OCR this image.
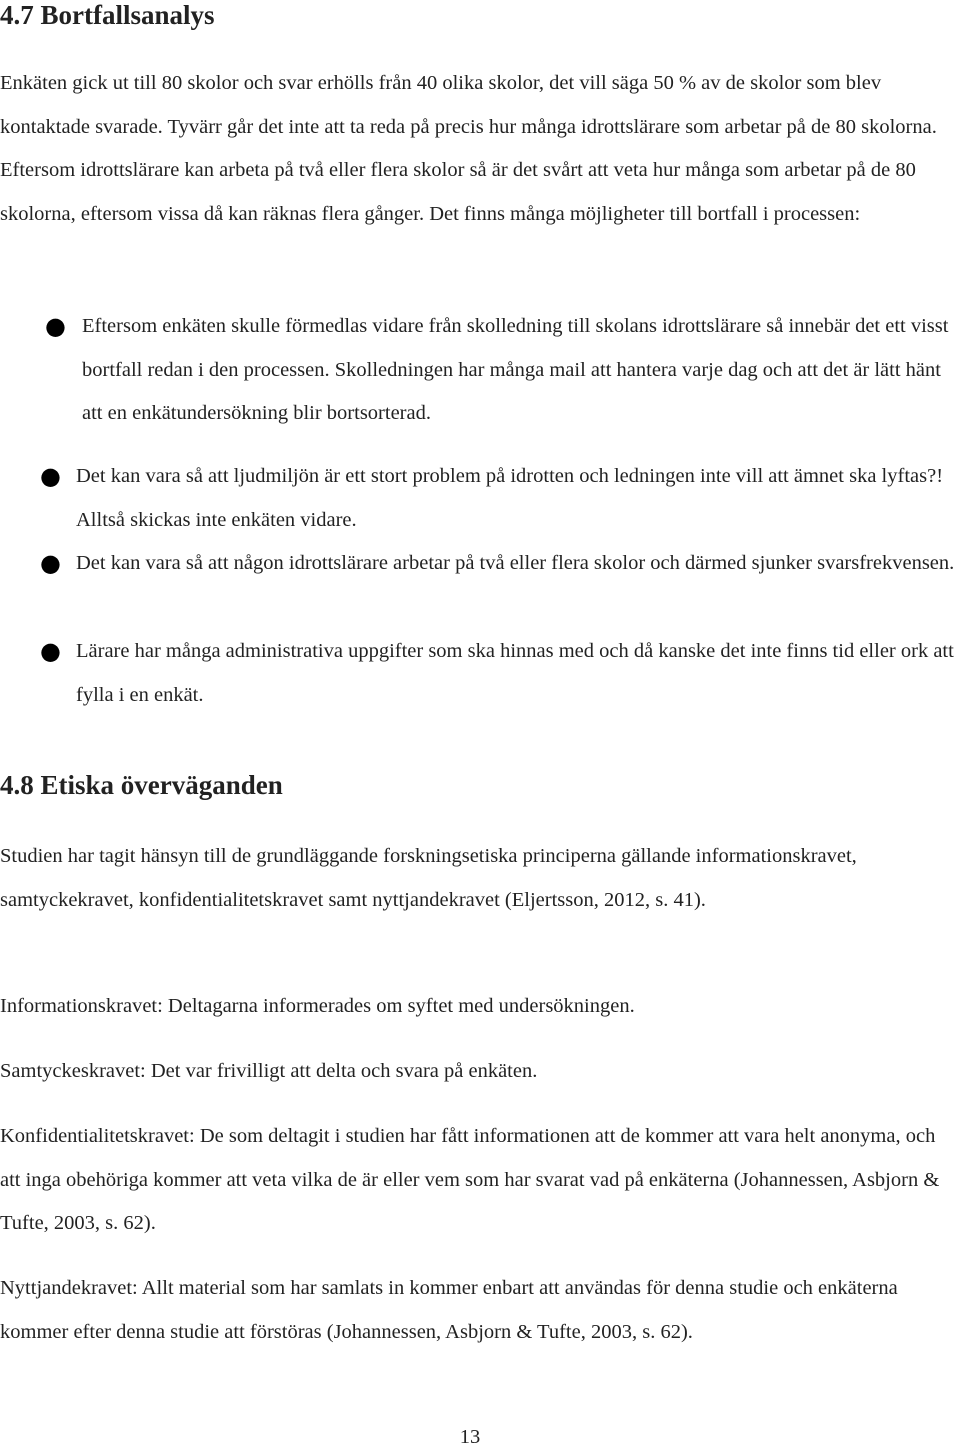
4.7 Bortfallsanalys

Enkäten gick ut till 80 skolor och svar erhölls från 40 olika skolor, det vill säga 50 % av de skolor som blev kontaktade svarade. Tyvärr går det inte att ta reda på precis hur många idrottslärare som arbetar på de 80 skolorna. Eftersom idrottslärare kan arbeta på två eller flera skolor så är det svårt att veta hur många som arbetar på de 80 skolorna, eftersom vissa då kan räknas flera gånger. Det finns många möjligheter till bortfall i processen:

● Eftersom enkäten skulle förmedlas vidare från skolledning till skolans idrottslärare så innebär det ett visst bortfall redan i den processen. Skolledningen har många mail att hantera varje dag och att det är lätt hänt att en enkätundersökning blir bortsorterad.

● Det kan vara så att ljudmiljön är ett stort problem på idrotten och ledningen inte vill att ämnet ska lyftas?! Alltså skickas inte enkäten vidare.

● Det kan vara så att någon idrottslärare arbetar på två eller flera skolor och därmed sjunker svarsfrekvensen.

● Lärare har många administrativa uppgifter som ska hinnas med och då kanske det inte finns tid eller ork att fylla i en enkät.

4.8 Etiska överväganden

Studien har tagit hänsyn till de grundläggande forskningsetiska principerna gällande informationskravet, samtyckekravet, konfidentialitetskravet samt nyttjandekravet (Eljertsson, 2012, s. 41).

Informationskravet: Deltagarna informerades om syftet med undersökningen.

Samtyckeskravet: Det var frivilligt att delta och svara på enkäten.

Konfidentialitetskravet: De som deltagit i studien har fått informationen att de kommer att vara helt anonyma, och att inga obehöriga kommer att veta vilka de är eller vem som har svarat vad på enkäterna (Johannessen, Asbjorn & Tufte, 2003, s. 62).

Nyttjandekravet: Allt material som har samlats in kommer enbart att användas för denna studie och enkäterna kommer efter denna studie att förstöras (Johannessen, Asbjorn & Tufte, 2003, s. 62).

13
